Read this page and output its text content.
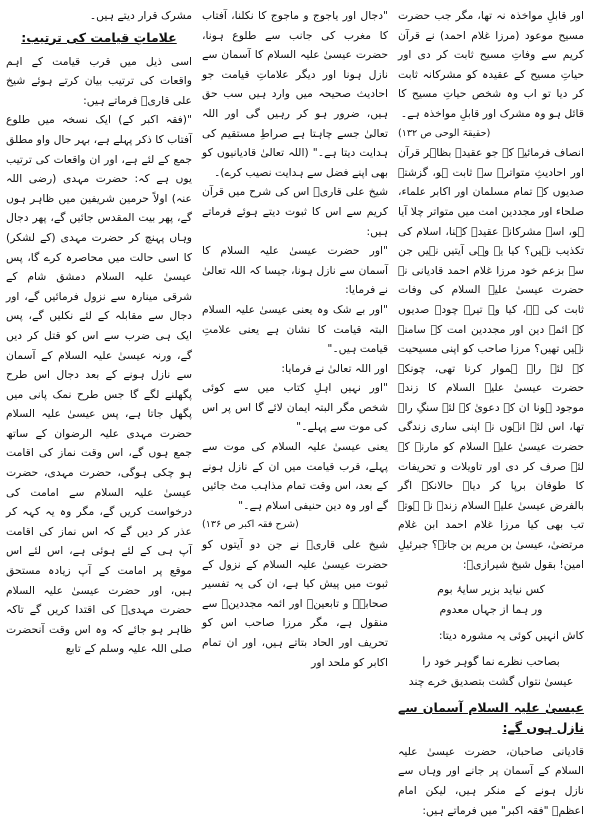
اور قابلِ مواخذہ نہ تھا، مگر جب حضرت مسیح موعود (مرزا غلام احمد) نے قرآن کریم سے وفاتِ مسیح ثابت کر دی اور حیاتِ مسیح کے عقیدہ کو مشرکانہ ثابت کر دیا تو اب وہ شخص حیاتِ مسیح کا قائل ہو وہ مشرک اور قابلِ مواخذہ ہے۔

(حقیقۃ الوحی ص ۱۳۲)

انصاف فرمائیے کہ جو عقیدہ بظاہر قرآن اور احادیثِ متواترہ سے ثابت ہو، گزشتہ صدیوں کے تمام مسلمان اور اکابر علماء، صلحاء اور مجددین امت میں متواتر چلا آیا ہو، اسے مشرکانہ عقیدہ کہنا، اسلام کی تکذیب نہیں؟ کیا یہ وہی آیتیں نہیں جن سے بزعم خود مرزا غلام احمد قادیانی نے حضرت عیسیٰ علیہ السلام کی وفات ثابت کی ہے، کیا وہ تیرہ چودہ صدیوں کے ائمہ دین اور مجددین امت کے سامنے نہیں تھیں؟ مرزا صاحب کو اپنی مسیحیت کے لئے راہ ہموار کرنا تھی، چونکہ حضرت عیسیٰ علیہ السلام کا زندہ موجود ہونا ان کے دعویٰ کے لئے سنگِ راہ تھا، اس لئے انہوں نے اپنی ساری زندگی حضرت عیسیٰ علیہ السلام کو مارنے کے لئے صرف کر دی اور تاویلات و تحریفات کا طوفان برپا کر دیا۔ حالانکہ اگر بالفرض عیسیٰ علیہ السلام زندہ نہ ہوتے تب بھی کیا مرزا غلام احمد ابن غلام مرتضیٰ، عیسیٰ بن مریم بن جاتے؟ جبرئیلِ امین! بقول شیخ شیرازیؒ:

کس نیاید بزیر سایۂ بوم
ور ہما از جہاں معدوم

کاش انہیں کوئی یہ مشورہ دیتا:

بصاحب نظرے نما گوہر خود را
عیسیٰ نتواں گشت بتصدیق خرے چند
عیسیٰ علیہ السلام آسمان سے نازل ہوں گے:

قادیانی صاحبان، حضرت عیسیٰ علیہ السلام کے آسمان پر جانے اور وہاں سے نازل ہونے کے منکر ہیں، لیکن امام اعظمؒ "فقہ اکبر" میں فرماتے ہیں:

"دجال اور یاجوج و ماجوج کا نکلنا، آفتاب کا مغرب کی جانب سے طلوع ہونا، حضرت عیسیٰ علیہ السلام کا آسمان سے نازل ہونا اور دیگر علاماتِ قیامت جو احادیث صحیحہ میں وارد ہیں سب حق ہیں، ضرور ہو کر رہیں گی اور اللہ تعالیٰ جسے چاہتا ہے صراطِ مستقیم کی ہدایت دیتا ہے۔" (اللہ تعالیٰ قادیانیوں کو بھی اپنے فضل سے ہدایت نصیب کرے)۔

شیخ علی قاریؒ اس کی شرح میں قرآن کریم سے اس کا ثبوت دیتے ہوئے فرماتے ہیں:

"اور حضرت عیسیٰ علیہ السلام کا آسمان سے نازل ہونا، جیسا کہ اللہ تعالیٰ نے فرمایا:

"اور بے شک وہ یعنی عیسیٰ علیہ السلام البتہ قیامت کا نشان ہے یعنی علامتِ قیامت ہیں۔"

اور اللہ تعالیٰ نے فرمایا:

"اور نہیں اہلِ کتاب میں سے کوئی شخص مگر البتہ ایمان لائے گا اس پر اس کی موت سے پہلے۔"

یعنی عیسیٰ علیہ السلام کی موت سے پہلے، قرب قیامت میں ان کے نازل ہونے کے بعد، اس وقت تمام مذاہب مٹ جائیں گے اور وہ دین حنیفی اسلام ہے۔"

(شرح فقہ اکبر ص ۱۳۶)

شیخ علی قاریؒ نے جن دو آیتوں کو حضرت عیسیٰ علیہ السلام کے نزول کے ثبوت میں پیش کیا ہے، ان کی یہ تفسیر صحابہؓ و تابعینؒ اور ائمہ مجددینؒ سے منقول ہے، مگر مرزا صاحب اس کو تحریف اور الحاد بتاتے ہیں، اور ان تمام اکابر کو ملحد اور

مشرک قرار دیتے ہیں۔

علاماتِ قیامت کی ترتیب:

اسی ذیل میں قرب قیامت کے اہم واقعات کی ترتیب بیان کرتے ہوئے شیخ علی قاریؒ فرماتے ہیں:

"(فقہ اکبر کے) ایک نسخہ میں طلوع آفتاب کا ذکر پہلے ہے، بہر حال واو مطلق جمع کے لئے ہے، اور ان واقعات کی ترتیب یوں ہے کہ: حضرت مہدی (رضی اللہ عنہ) اولاً حرمین شریفین میں ظاہر ہوں گے، پھر بیت المقدس جائیں گے، پھر دجال وہاں پہنچ کر حضرت مہدی (کے لشکر) کا اسی حالت میں محاصرہ کرے گا، پس عیسیٰ علیہ السلام دمشق شام کے شرقی مینارہ سے نزول فرمائیں گے، اور دجال سے مقابلہ کے لئے نکلیں گے، پس ایک ہی ضرب سے اس کو قتل کر دیں گے، ورنہ عیسیٰ علیہ السلام کے آسمان سے نازل ہونے کے بعد دجال اس طرح پگھلنے لگے گا جس طرح نمک پانی میں پگھل جاتا ہے، پس عیسیٰ علیہ السلام حضرت مہدی علیہ الرضوان کے ساتھ جمع ہوں گے، اس وقت نماز کی اقامت ہو چکی ہوگی، حضرت مہدی، حضرت عیسیٰ علیہ السلام سے امامت کی درخواست کریں گے، مگر وہ یہ کہہ کر عذر کر دیں گے کہ اس نماز کی اقامت آپ ہی کے لئے ہوئی ہے، اس لئے اس موقع پر امامت کے آپ زیادہ مستحق ہیں، اور حضرت عیسیٰ علیہ السلام حضرت مہدیؓ کی اقتدا کریں گے تاکہ ظاہر ہو جائے کہ وہ اس وقت آنحضرت صلی اللہ علیہ وسلم کے تابع
